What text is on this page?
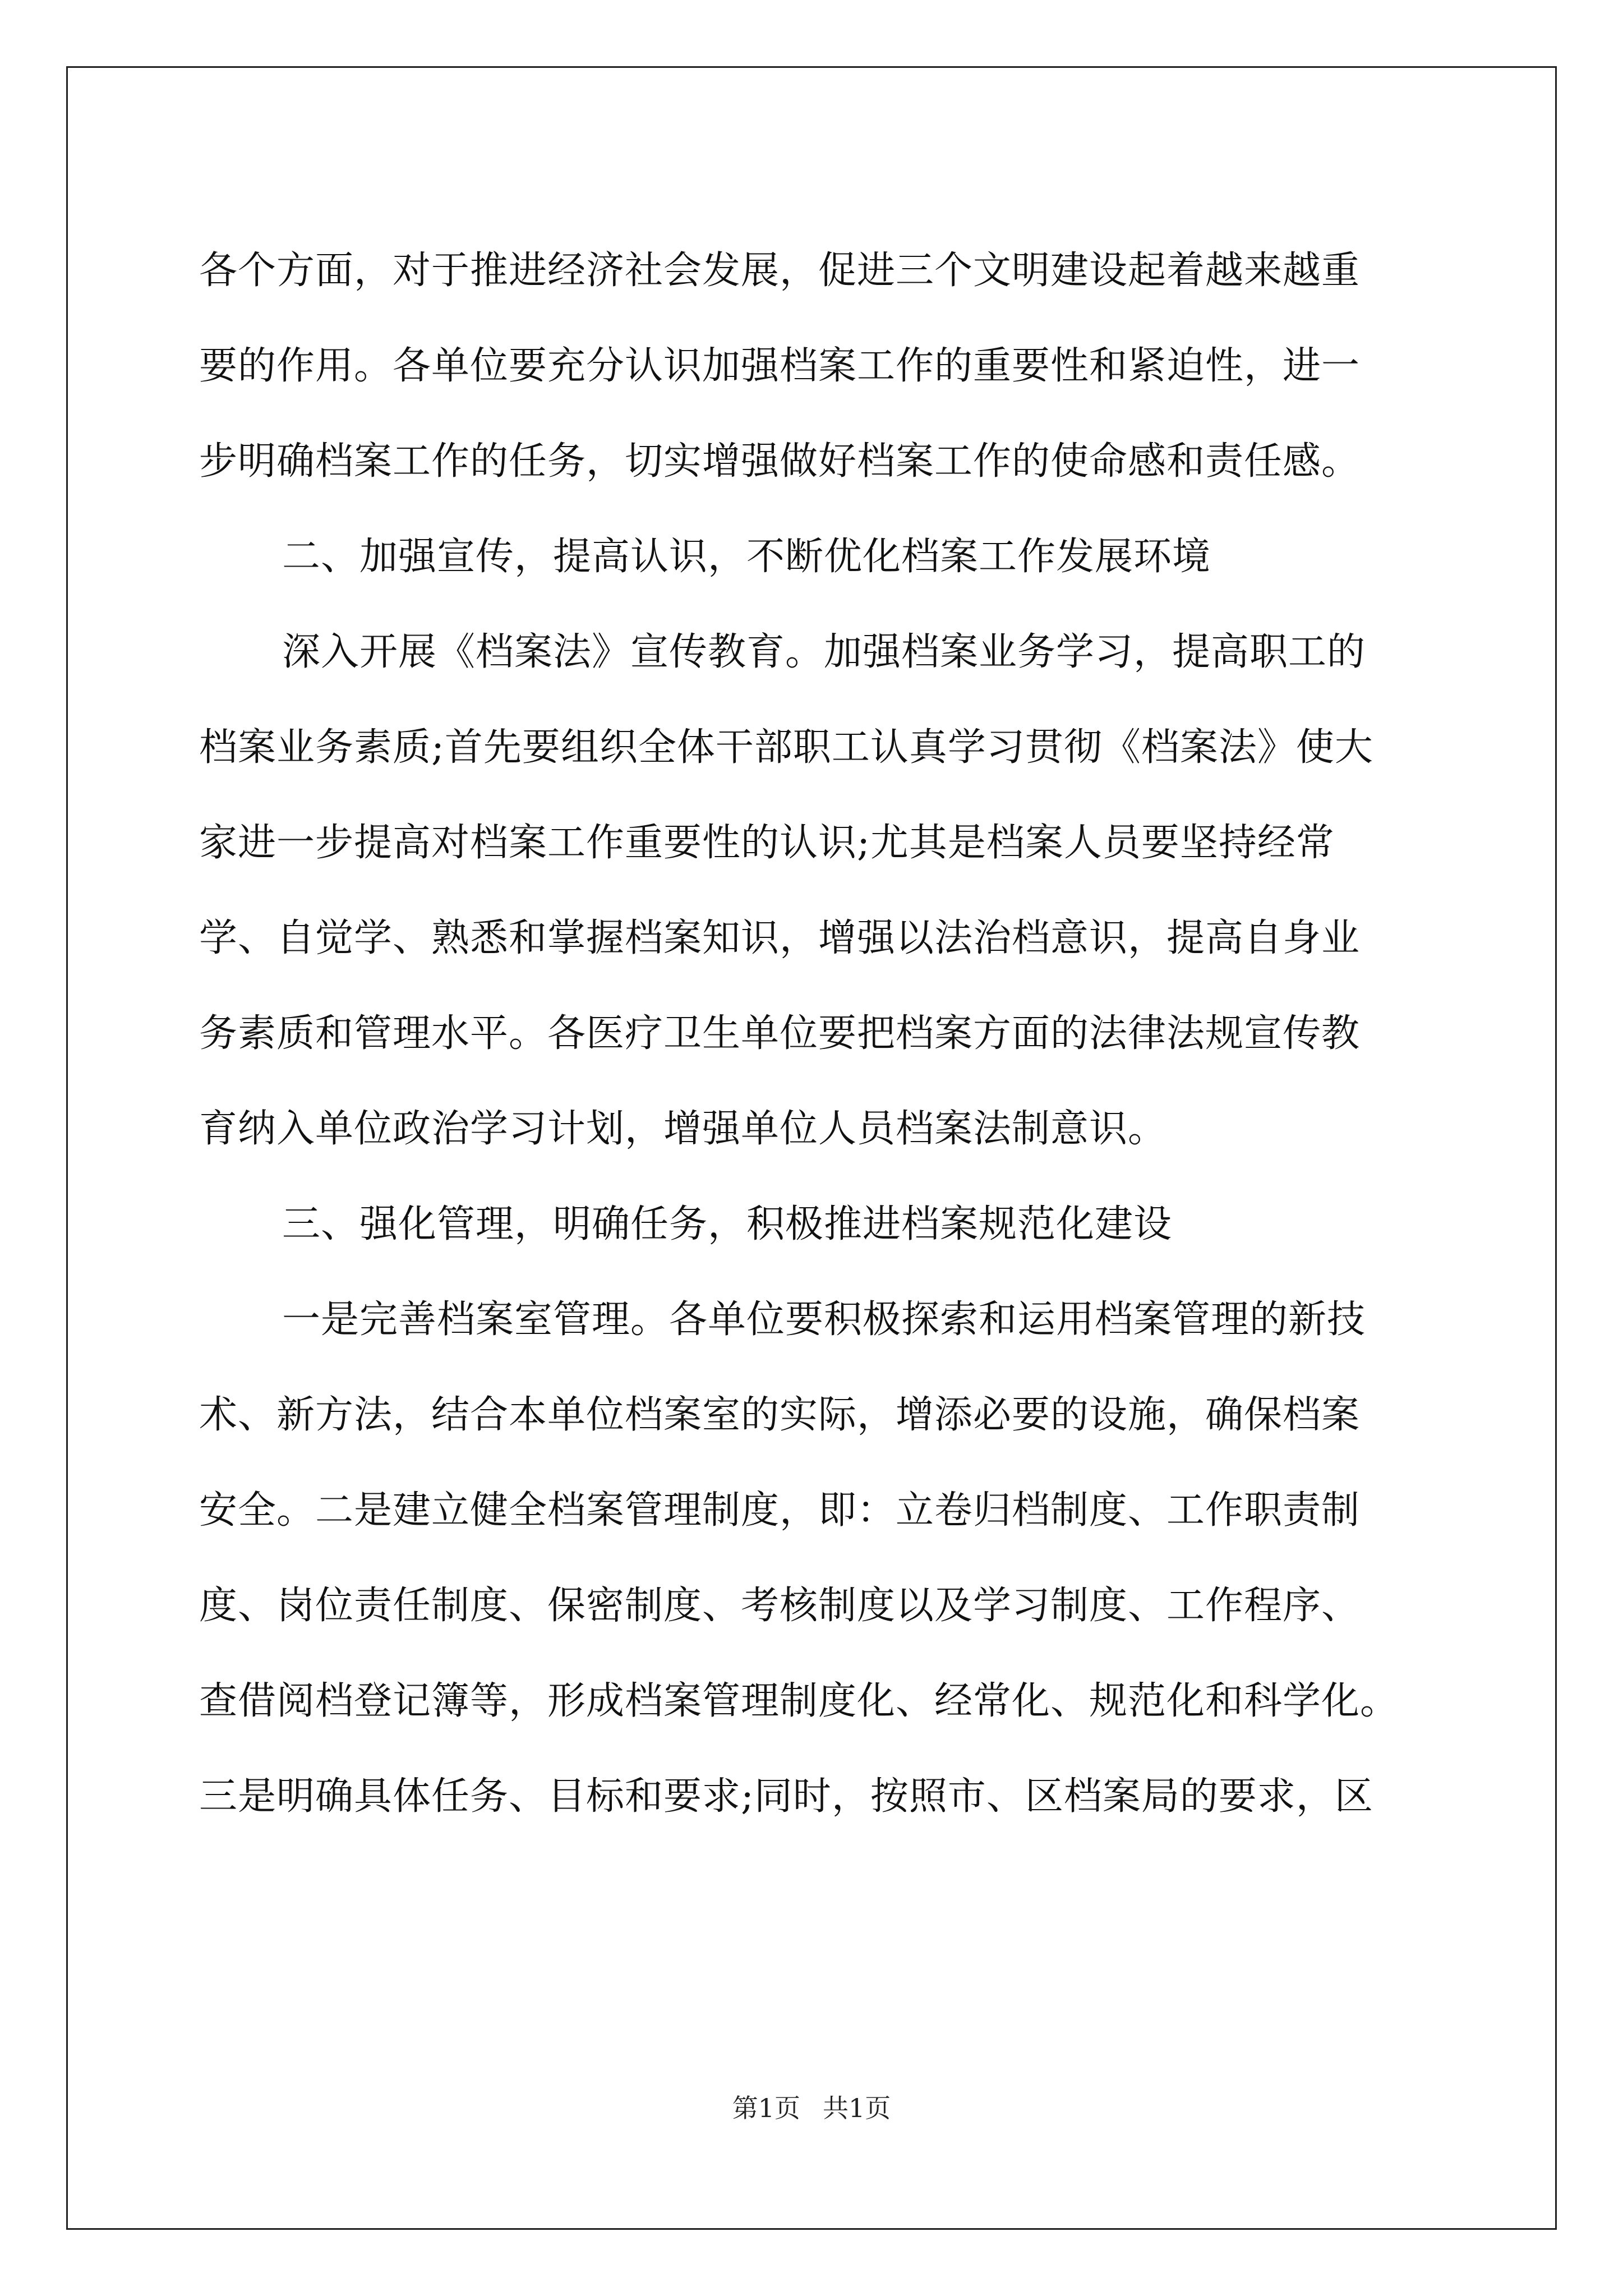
各个方面，对于推进经济社会发展，促进三个文明建设起着越来越重
要的作用。各单位要充分认识加强档案工作的重要性和紧迫性，进一
步明确档案工作的任务，切实增强做好档案工作的使命感和责任感。
二、加强宣传，提高认识，不断优化档案工作发展环境
深入开展《档案法》宣传教育。加强档案业务学习，提高职工的
档案业务素质;首先要组织全体干部职工认真学习贯彻《档案法》使大
家进一步提高对档案工作重要性的认识;尤其是档案人员要坚持经常
学、自觉学、熟悉和掌握档案知识，增强以法治档意识，提高自身业
务素质和管理水平。各医疗卫生单位要把档案方面的法律法规宣传教
育纳入单位政治学习计划，增强单位人员档案法制意识。
三、强化管理，明确任务，积极推进档案规范化建设
一是完善档案室管理。各单位要积极探索和运用档案管理的新技
术、新方法，结合本单位档案室的实际，增添必要的设施，确保档案
安全。二是建立健全档案管理制度，即：立卷归档制度、工作职责制
度、岗位责任制度、保密制度、考核制度以及学习制度、工作程序、
查借阅档登记簿等，形成档案管理制度化、经常化、规范化和科学化。
三是明确具体任务、目标和要求;同时，按照市、区档案局的要求，区
第1页 共1页
